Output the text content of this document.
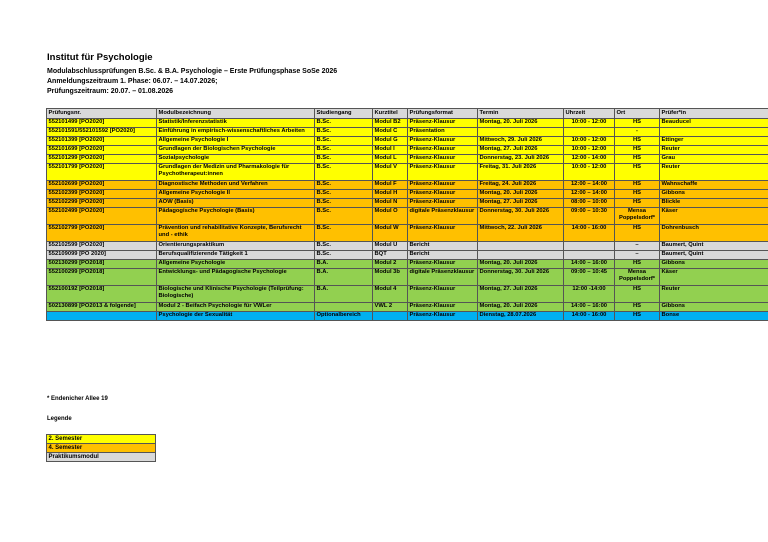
Institut für Psychologie
Modulabschlussprüfungen B.Sc. & B.A. Psychologie – Erste Prüfungsphase SoSe 2026
Anmeldungszeitraum 1. Phase: 06.07. – 14.07.2026;
Prüfungszeitraum: 20.07. – 01.08.2026
Prüfungsnr.	Modulbezeichnung	Studiengang	Kurztitel	Prüfungsformat	Termin	Uhrzeit	Ort	Prüfer*in
552101499 [PO2020]	Statistik/Inferenzstatistik	B.Sc.	Modul B2	Präsenz-Klausur	Montag, 20. Juli 2026	10:00 - 12:00	HS	Beauducel
552101591/552101592 [PO2020]	Einführung in empirisch-wissenschaftliches Arbeiten	B.Sc.	Modul C	Präsentation			-	
552101399 [PO2020]	Allgemeine Psychologie I	B.Sc.	Modul G	Präsenz-Klausur	Mittwoch, 29. Juli 2026	10:00 - 12:00	HS	Ettinger
552101699 [PO2020]	Grundlagen der Biologischen Psychologie	B.Sc.	Modul I	Präsenz-Klausur	Montag, 27. Juli 2026	10:00 - 12:00	HS	Reuter
552101299 [PO2020]	Sozialpsychologie	B.Sc.	Modul L	Präsenz-Klausur	Donnerstag, 23. Juli 2026	12:00 - 14:00	HS	Grau
552101799 [PO2020]	Grundlagen der Medizin und Pharmakologie für Psychotherapeut:innen	B.Sc.	Modul V	Präsenz-Klausur	Freitag, 31. Juli 2026	10:00 - 12:00	HS	Reuter
552102699 [PO2020]	Diagnostische Methoden und Verfahren	B.Sc.	Modul F	Präsenz-Klausur	Freitag, 24. Juli 2026	12:00 – 14:00	HS	Wahnschaffe
552102399 [PO2020]	Allgemeine Psychologie II	B.Sc.	Modul H	Präsenz-Klausur	Montag, 20. Juli 2026	12:00 – 14:00	HS	Gibbons
552102299 [PO2020]	AOW (Basis)	B.Sc.	Modul N	Präsenz-Klausur	Montag, 27. Juli 2026	08:00 – 10:00	HS	Blickle
552102499 [PO2020]	Pädagogische Psychologie (Basis)	B.Sc.	Modul O	digitale Präsenzklausur	Donnerstag, 30. Juli 2026	09:00 – 10:30	Mensa Poppelsdorf*	Käser
552102799 [PO2020]	Prävention und rehabilitative Konzepte, Berufsrecht und - ethik	B.Sc.	Modul W	Präsenz-Klausur	Mittwoch, 22. Juli 2026	14:00 - 16:00	HS	Dohrenbusch
552102599 [PO2020]	Orientierungspraktikum	B.Sc.	Modul U	Bericht			–	Baumert, Quint
552109099 [PO 2020]	Berufsqualifizierende Tätigkeit 1	B.Sc.	BQT	Bericht			–	Baumert, Quint
502130299 [PO2018]	Allgemeine Psychologie	B.A.	Modul 2	Präsenz-Klausur	Montag, 20. Juli 2026	14:00 – 16:00	HS	Gibbons
552100299 [PO2018]	Entwicklungs- und Pädagogische Psychologie	B.A.	Modul 3b	digitale Präsenzklausur	Donnerstag, 30. Juli 2026	09:00 – 10:45	Mensa Poppelsdorf*	Käser
552100192 [PO2018]	Biologische und Klinische Psychologie (Teilprüfung: Biologische)	B.A.	Modul 4	Präsenz-Klausur	Montag, 27. Juli 2026	12:00 -14:00	HS	Reuter
502130899 [PO2013 & folgende]	Modul 2 - Beifach Psychologie für VWLer		VWL 2	Präsenz-Klausur	Montag, 20. Juli 2026	14:00 – 16:00	HS	Gibbons
	Psychologie der Sexualität	Optionalbereich		Präsenz-Klausur	Dienstag, 28.07.2026	14:00 - 16:00	HS	Bonse
* Endenicher Allee 19
Legende
2. Semester
4. Semester
Praktikumsmodul
